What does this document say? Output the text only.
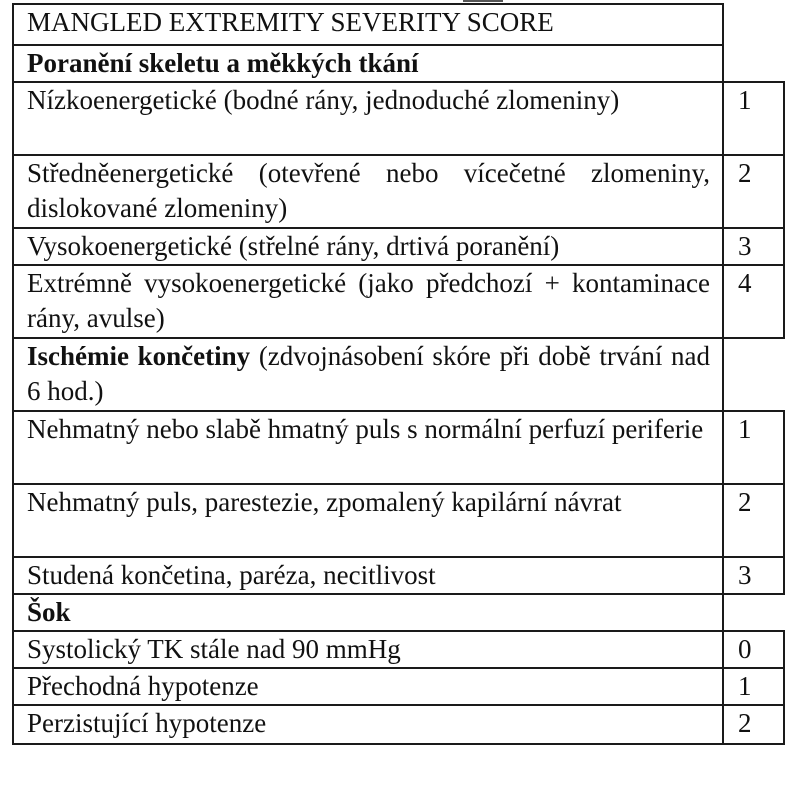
MANGLED EXTREMITY SEVERITY SCORE	
Poranění skeletu a měkkých tkání	
Nízkoenergetické (bodné rány, jednoduché zlomeniny)	1
Středněenergetické (otevřené nebo vícečetné zlomeniny, dislokované zlomeniny)	2
Vysokoenergetické (střelné rány, drtivá poranění)	3
Extrémně vysokoenergetické (jako předchozí + kontaminace rány, avulse)	4
Ischémie končetiny (zdvojnásobení skóre při době trvání nad 6 hod.)	
Nehmatný nebo slabě hmatný puls s normální perfuzí periferie	1
Nehmatný puls, parestezie, zpomalený kapilární návrat	2
Studená končetina, paréza, necitlivost	3
Šok	
Systolický TK stále nad 90 mmHg	0
Přechodná hypotenze	1
Perzistující hypotenze	2
